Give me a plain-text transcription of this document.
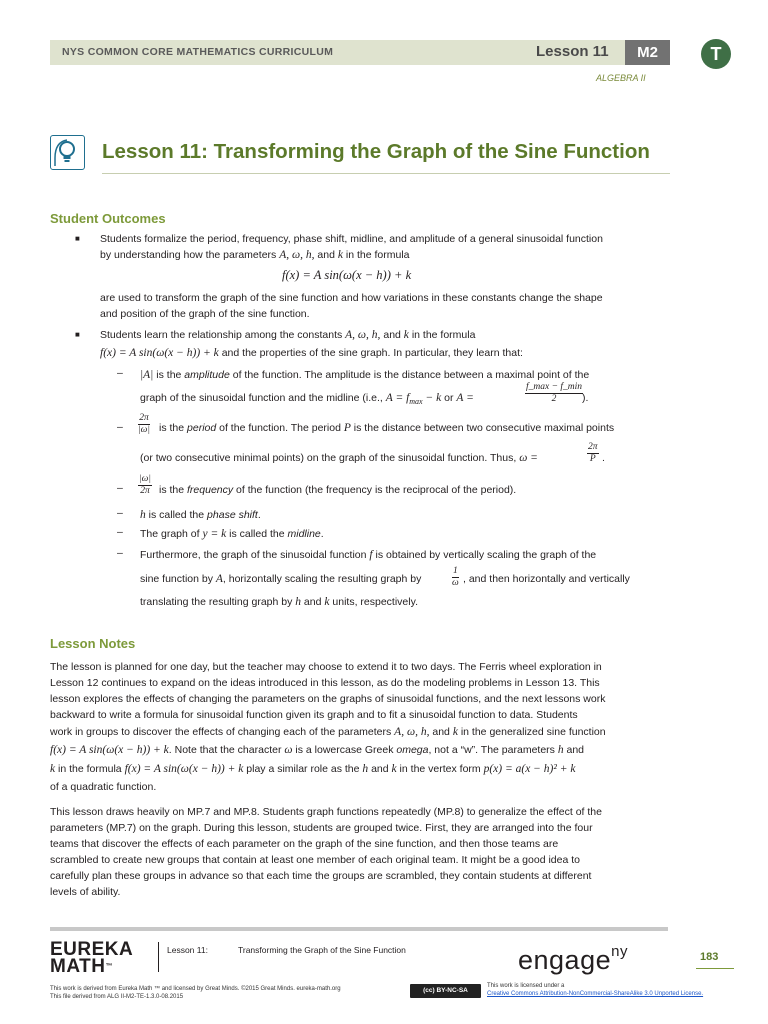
NYS COMMON CORE MATHEMATICS CURRICULUM	Lesson 11	M2	T
ALGEBRA II
Lesson 11: Transforming the Graph of the Sine Function
Student Outcomes
■ Students formalize the period, frequency, phase shift, midline, and amplitude of a general sinusoidal function
by understanding how the parameters A, ω, h, and k in the formula
f(x) = A sin(ω(x − h)) + k
are used to transform the graph of the sine function and how variations in these constants change the shape
and position of the graph of the sine function.
■ Students learn the relationship among the constants A, ω, h, and k in the formula
f(x) = A sin(ω(x − h)) + k and the properties of the sine graph. In particular, they learn that:
– |A| is the amplitude of the function. The amplitude is the distance between a maximal point of the
graph of the sinusoidal function and the midline (i.e., $A = f_{max} - k$ or A =
f_max − f_min
2	).
– $\frac{2\pi}{|\omega|}$ is the period of the function. The period P is the distance between two consecutive maximal points
(or two consecutive minimal points) on the graph of the sinusoidal function. Thus, ω =	$\frac{2\pi}{P}$ .
– $\frac{|\omega|}{2\pi}$ is the frequency of the function (the frequency is the reciprocal of the period).
– h is called the phase shift.
– The graph of y = k is called the midline.
– Furthermore, the graph of the sinusoidal function f is obtained by vertically scaling the graph of the
sine function by A, horizontally scaling the resulting graph by	$\frac{1}{\omega}$ , and then horizontally and vertically
translating the resulting graph by h and k units, respectively.
Lesson Notes
The lesson is planned for one day, but the teacher may choose to extend it to two days. The Ferris wheel exploration in
Lesson 12 continues to expand on the ideas introduced in this lesson, as do the modeling problems in Lesson 13. This
lesson explores the effects of changing the parameters on the graphs of sinusoidal functions, and the next lessons work
backward to write a formula for sinusoidal function given its graph and to fit a sinusoidal function to data. Students
work in groups to discover the effects of changing each of the parameters A, ω, h, and k in the generalized sine function
f(x) = A sin(ω(x − h)) + k. Note that the character ω is a lowercase Greek omega, not a “w”. The parameters h and
k in the formula f(x) = A sin(ω(x − h)) + k play a similar role as the h and k in the vertex form p(x) = a(x − h)² + k
of a quadratic function.
This lesson draws heavily on MP.7 and MP.8. Students graph functions repeatedly (MP.8) to generalize the effect of the
parameters (MP.7) on the graph. During this lesson, students are grouped twice. First, they are arranged into the four
teams that discover the effects of each parameter on the graph of the sine function, and then those teams are
scrambled to create new groups that contain at least one member of each original team. It might be a good idea to
carefully plan these groups in advance so that each time the groups are scrambled, they contain students at different
levels of ability.
EUREKA
MATH™
Lesson 11:	Transforming the Graph of the Sine Function	engage$^{ny}$	183
This work is derived from Eureka Math ™ and licensed by Great Minds. ©2015 Great Minds. eureka-math.org
This file derived from ALG II-M2-TE-1.3.0-08.2015
(cc) BY-NC-SA
This work is licensed under a
Creative Commons Attribution-NonCommercial-ShareAlike 3.0 Unported License.
